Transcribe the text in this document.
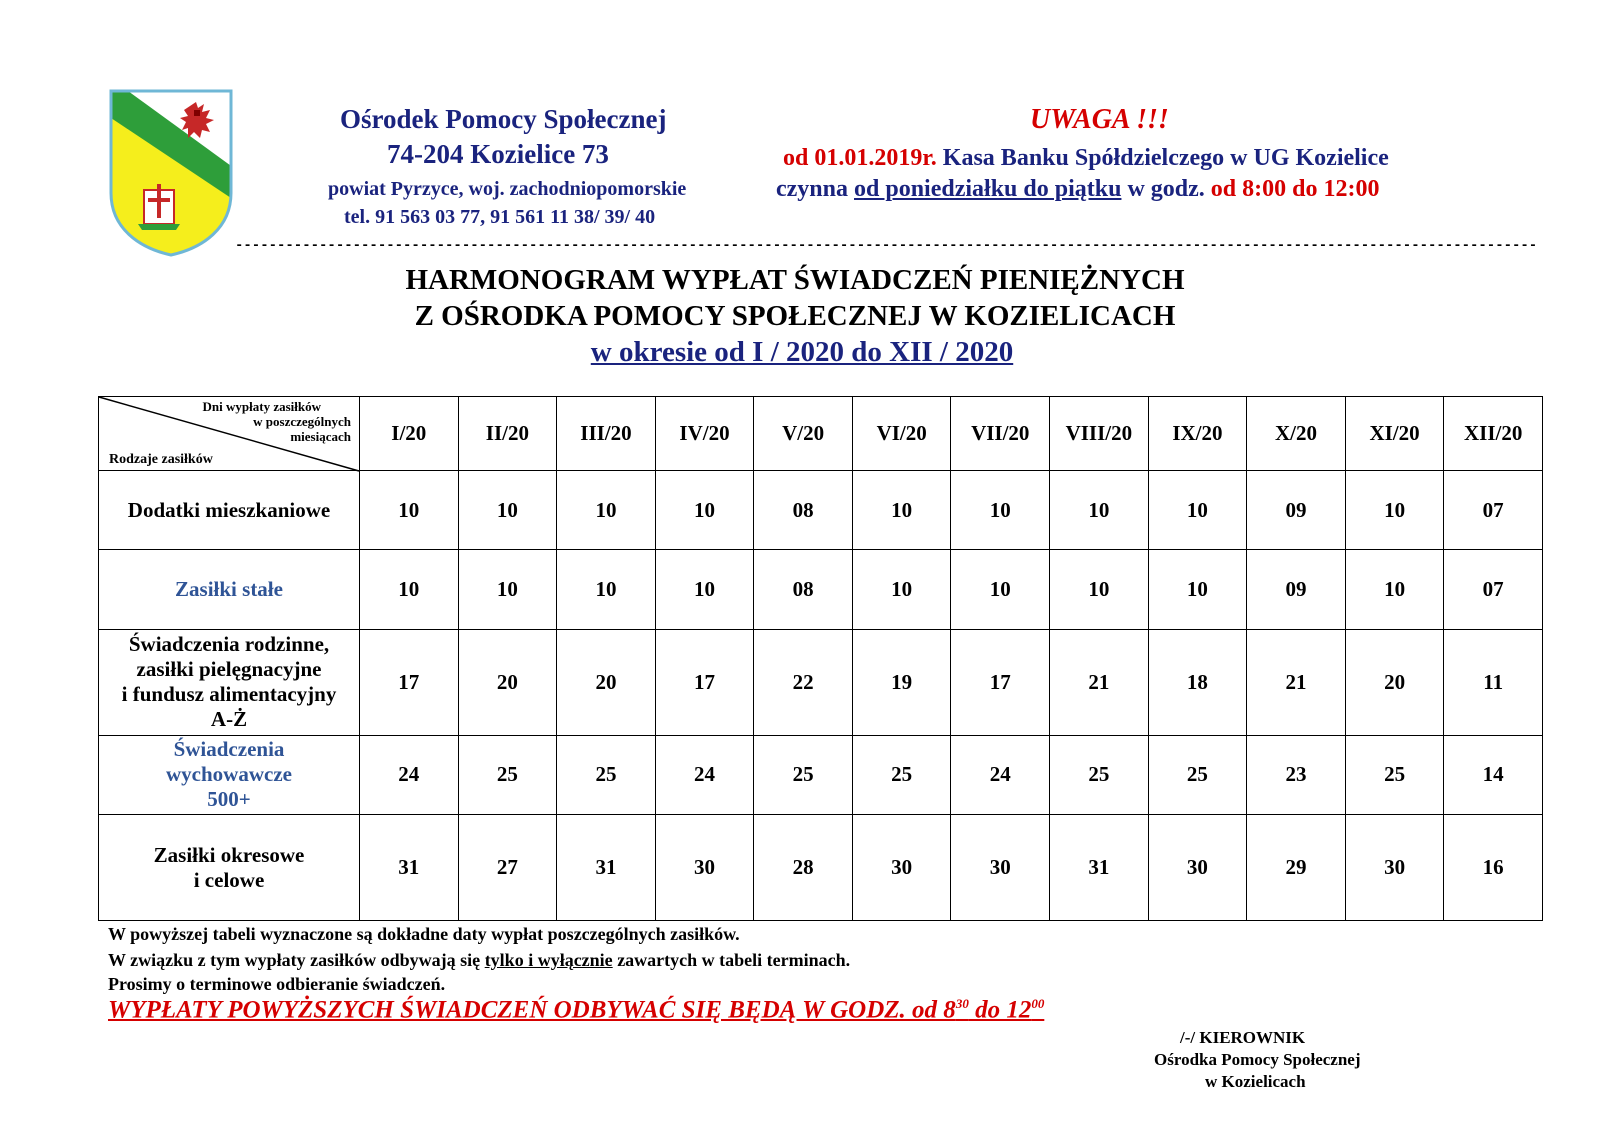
Ośrodek Pomocy Społecznej
74-204 Kozielice 73
powiat Pyrzyce, woj. zachodniopomorskie
tel. 91 563 03 77, 91 561 11 38/ 39/ 40
UWAGA !!!
od 01.01.2019r. Kasa Banku Spółdzielczego w UG Kozielice
czynna od poniedziałku do piątku w godz. od 8:00 do 12:00
-----------------------------------------------------------------------------------------------------------------------------------------------------------
HARMONOGRAM WYPŁAT ŚWIADCZEŃ PIENIĘŻNYCH
Z OŚRODKA POMOCY SPOŁECZNEJ W KOZIELICACH
w okresie od I / 2020 do XII / 2020
Dni wypłaty zasiłków
w poszczególnych
miesiącach
Rodzaje zasiłków	I/20	II/20	III/20	IV/20	V/20	VI/20	VII/20	VIII/20	IX/20	X/20	XI/20	XII/20

Dodatki mieszkaniowe	10	10	10	10	08	10	10	10	10	09	10	07

Zasiłki stałe	10	10	10	10	08	10	10	10	10	09	10	07

Świadczenia rodzinne,
zasiłki pielęgnacyjne
i fundusz alimentacyjny
A-Ż	17	20	20	17	22	19	17	21	18	21	20	11

Świadczenia
wychowawcze
500+	24	25	25	24	25	25	24	25	25	23	25	14

Zasiłki okresowe
i celowe	31	27	31	30	28	30	30	31	30	29	30	16
W powyższej tabeli wyznaczone są dokładne daty wypłat poszczególnych zasiłków.
W związku z tym wypłaty zasiłków odbywają się tylko i wyłącznie zawartych w tabeli terminach.
Prosimy o terminowe odbieranie świadczeń.
WYPŁATY POWYŻSZYCH ŚWIADCZEŃ ODBYWAĆ SIĘ BĘDĄ W GODZ. od $8^{30}$ do $12^{00}$
/-/ KIEROWNIK
Ośrodka Pomocy Społecznej
w Kozielicach
